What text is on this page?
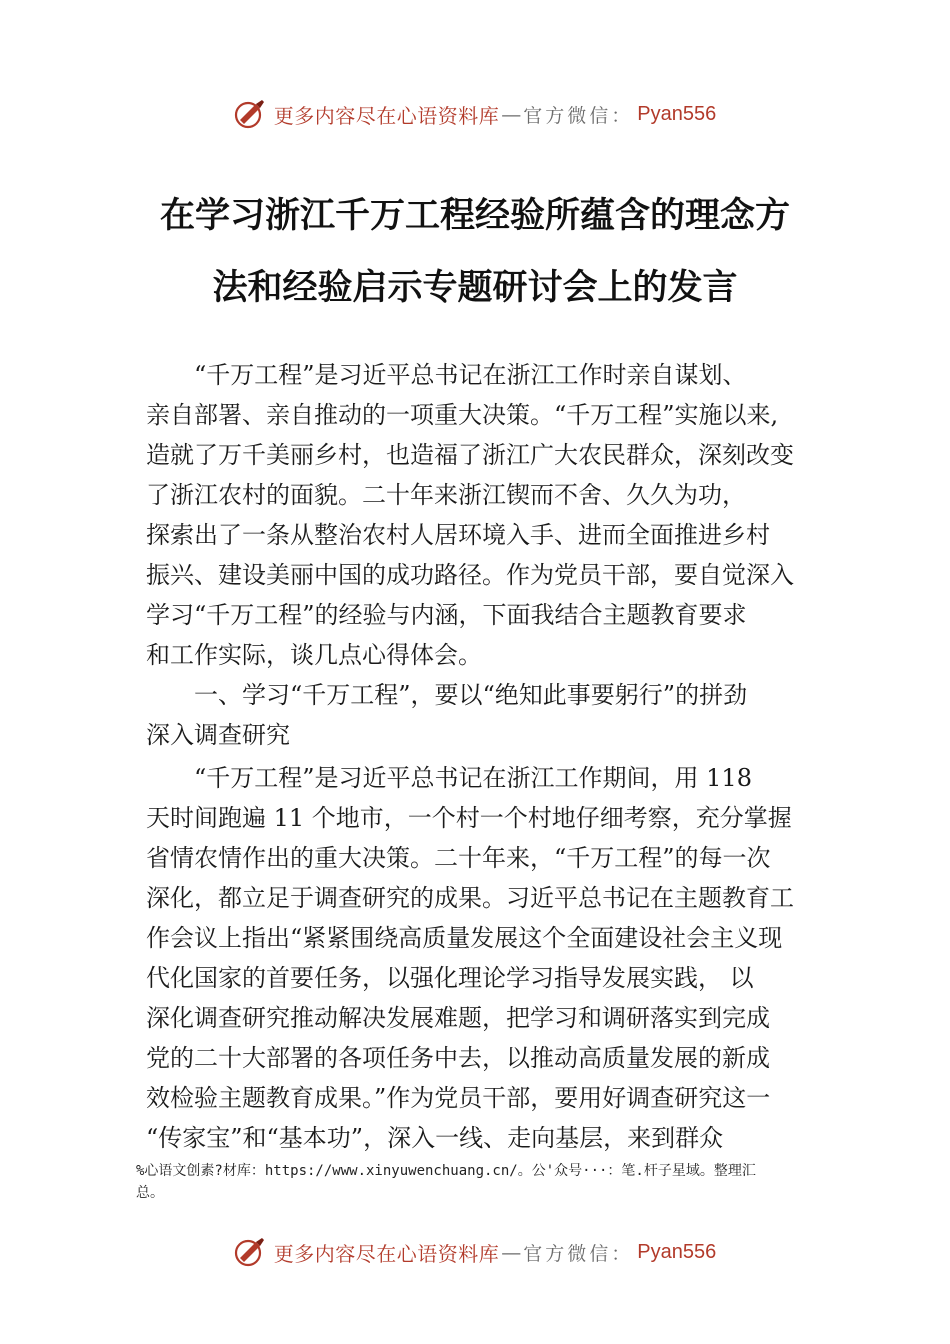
更多内容尽在心语资料库 — 官方微信： Pyan556
在学习浙江千万工程经验所蕴含的理念方
法和经验启示专题研讨会上的发言
“千万工程”是习近平总书记在浙江工作时亲自谋划、
亲自部署、亲自推动的一项重大决策。“千万工程”实施以来,
造就了万千美丽乡村，也造福了浙江广大农民群众，深刻改变
了浙江农村的面貌。二十年来浙江锲而不舍、久久为功，
探索出了一条从整治农村人居环境入手、进而全面推进乡村
振兴、建设美丽中国的成功路径。作为党员干部，要自觉深入
学习“千万工程”的经验与内涵，下面我结合主题教育要求
和工作实际，谈几点心得体会。
一、学习“千万工程”，要以“绝知此事要躬行”的拼劲
深入调查研究
“千万工程”是习近平总书记在浙江工作期间，用 118
天时间跑遍 11 个地市，一个村一个村地仔细考察，充分掌握
省情农情作出的重大决策。二十年来，“千万工程”的每一次
深化，都立足于调查研究的成果。习近平总书记在主题教育工
作会议上指出“紧紧围绕高质量发展这个全面建设社会主义现
代化国家的首要任务，以强化理论学习指导发展实践， 以
深化调查研究推动解决发展难题，把学习和调研落实到完成
党的二十大部署的各项任务中去，以推动高质量发展的新成
效检验主题教育成果。”作为党员干部，要用好调查研究这一
“传家宝”和“基本功”，深入一线、走向基层，来到群众
%心语文创素?材库：https://www.xinyuwenchuang.cn/。公'众号···：笔.杆子星域。整理汇
总。
更多内容尽在心语资料库 — 官方微信： Pyan556
